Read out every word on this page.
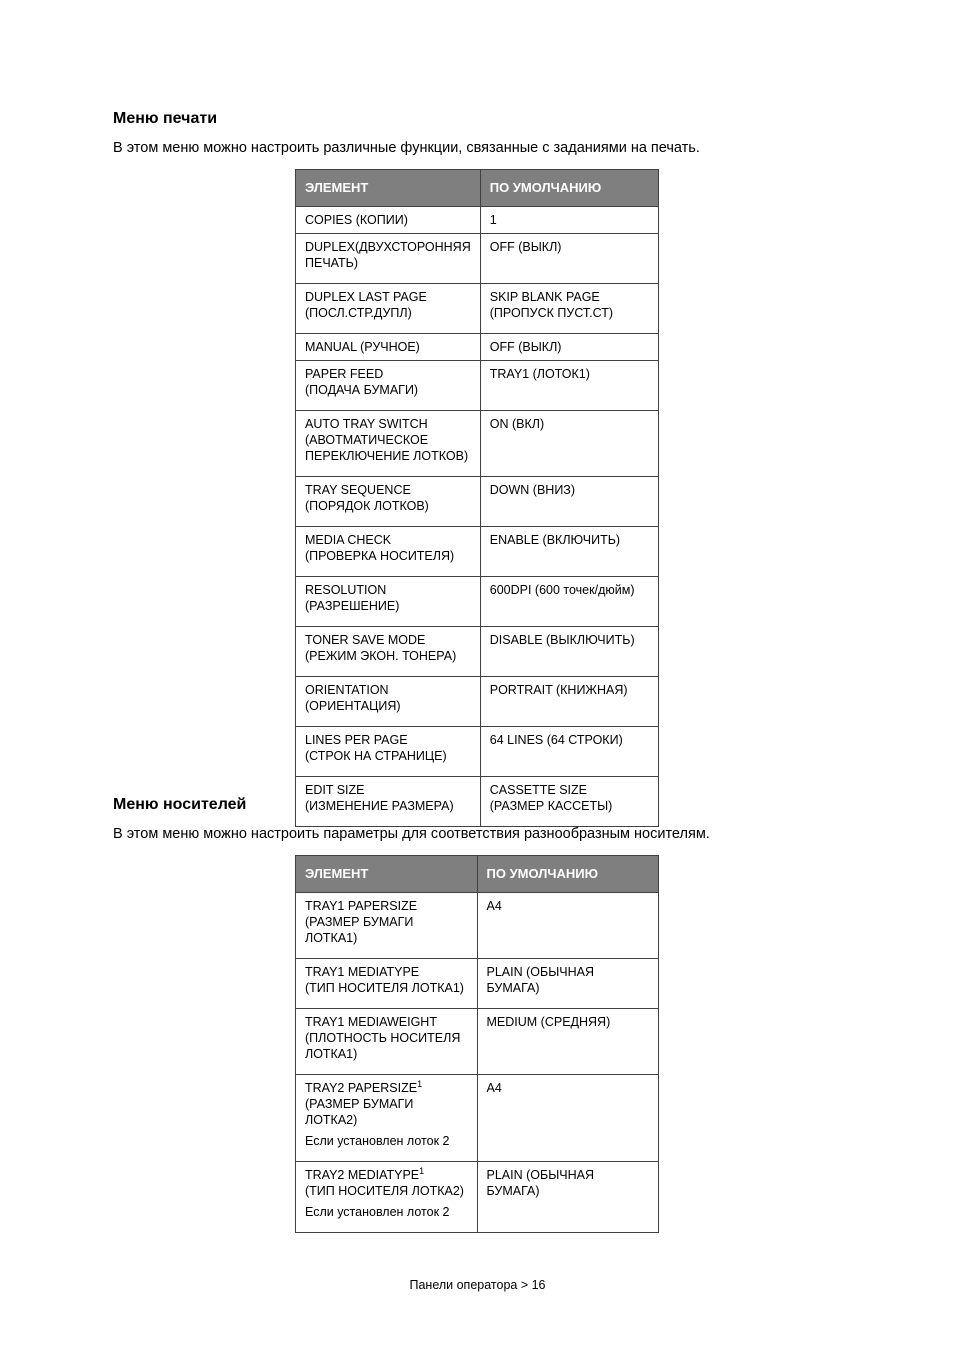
Меню печати

В этом меню можно настроить различные функции, связанные с заданиями на печать.

ЭЛЕМЕНТ	ПО УМОЛЧАНИЮ

COPIES (КОПИИ)	1

DUPLEX(ДВУХСТОРОННЯЯ
ПЕЧАТЬ)	OFF (ВЫКЛ)

DUPLEX LAST PAGE
(ПОСЛ.СТР.ДУПЛ)	SKIP BLANK PAGE
(ПРОПУСК ПУСТ.СТ)

MANUAL (РУЧНОЕ)	OFF (ВЫКЛ)

PAPER FEED
(ПОДАЧА БУМАГИ)	TRAY1 (ЛОТОК1)

AUTO TRAY SWITCH
(АВОТМАТИЧЕСКОЕ
ПЕРЕКЛЮЧЕНИЕ ЛОТКОВ)	ON (ВКЛ)

TRAY SEQUENCE
(ПОРЯДОК ЛОТКОВ)	DOWN (ВНИЗ)

MEDIA CHECK
(ПРОВЕРКА НОСИТЕЛЯ)	ENABLE (ВКЛЮЧИТЬ)

RESOLUTION
(РАЗРЕШЕНИЕ)	600DPI (600 точек/дюйм)

TONER SAVE MODE
(РЕЖИМ ЭКОН. ТОНЕРА)	DISABLE (ВЫКЛЮЧИТЬ)

ORIENTATION
(ОРИЕНТАЦИЯ)	PORTRAIT (КНИЖНАЯ)

LINES PER PAGE
(СТРОК НА СТРАНИЦЕ)	64 LINES (64 СТРОКИ)

EDIT SIZE
(ИЗМЕНЕНИЕ РАЗМЕРА)	CASSETTE SIZE
(РАЗМЕР КАССЕТЫ)
Меню носителей

В этом меню можно настроить параметры для соответствия разнообразным носителям.

ЭЛЕМЕНТ	ПО УМОЛЧАНИЮ

TRAY1 PAPERSIZE
(РАЗМЕР БУМАГИ ЛОТКА1)	A4

TRAY1 MEDIATYPE
(ТИП НОСИТЕЛЯ ЛОТКА1)	PLAIN (ОБЫЧНАЯ БУМАГА)

TRAY1 MEDIAWEIGHT
(ПЛОТНОСТЬ НОСИТЕЛЯ
ЛОТКА1)	MEDIUM (СРЕДНЯЯ)

TRAY2 PAPERSIZE$^1$
(РАЗМЕР БУМАГИ ЛОТКА2)
Если установлен лоток 2	A4

TRAY2 MEDIATYPE$^1$
(ТИП НОСИТЕЛЯ ЛОТКА2)
Если установлен лоток 2	PLAIN (ОБЫЧНАЯ БУМАГА)
Панели оператора > 16
